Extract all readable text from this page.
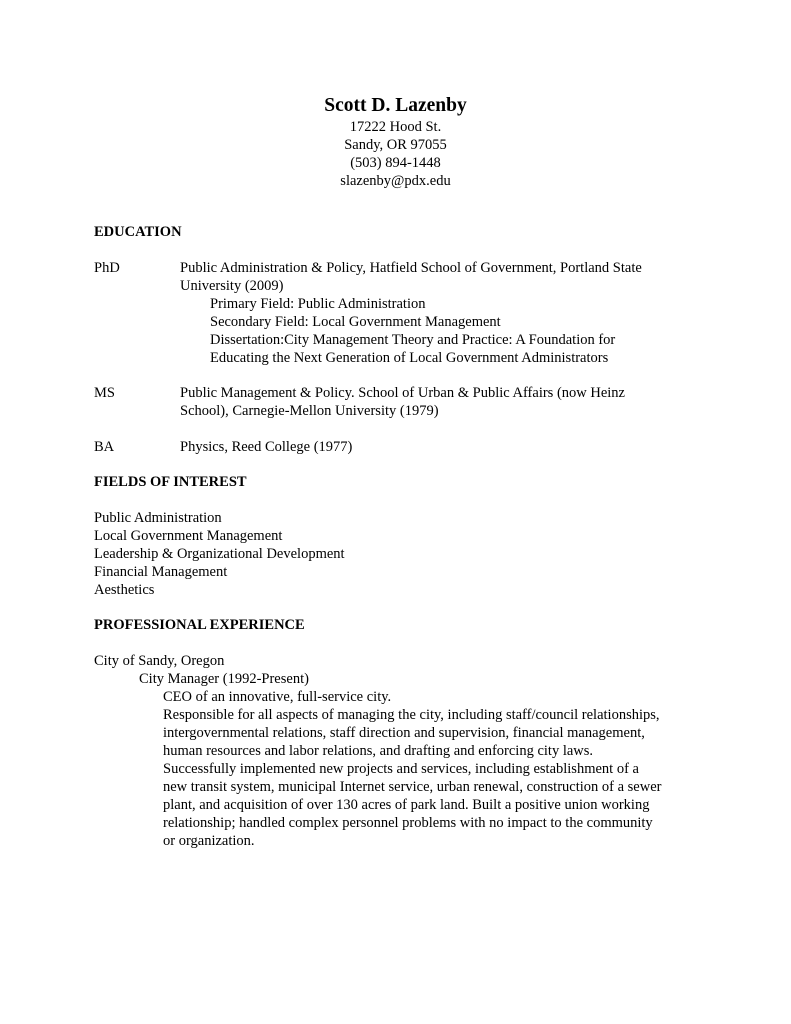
Scott D. Lazenby
17222 Hood St.
Sandy, OR 97055
(503) 894-1448
slazenby@pdx.edu
EDUCATION
PhD	Public Administration & Policy, Hatfield School of Government, Portland State
University (2009)
Primary Field: Public Administration
Secondary Field: Local Government Management
Dissertation:City Management Theory and Practice: A Foundation for
Educating the Next Generation of Local Government Administrators
MS	Public Management & Policy. School of Urban & Public Affairs (now Heinz
School), Carnegie-Mellon University (1979)
BA	Physics, Reed College (1977)
FIELDS OF INTEREST
Public Administration
Local Government Management
Leadership & Organizational Development
Financial Management
Aesthetics
PROFESSIONAL EXPERIENCE
City of Sandy, Oregon
City Manager (1992-Present)
CEO of an innovative, full-service city.
Responsible for all aspects of managing the city, including staff/council relationships,
intergovernmental relations, staff direction and supervision, financial management,
human resources and labor relations, and drafting and enforcing city laws.
Successfully implemented new projects and services, including establishment of a
new transit system, municipal Internet service, urban renewal, construction of a sewer
plant, and acquisition of over 130 acres of park land. Built a positive union working
relationship; handled complex personnel problems with no impact to the community
or organization.
